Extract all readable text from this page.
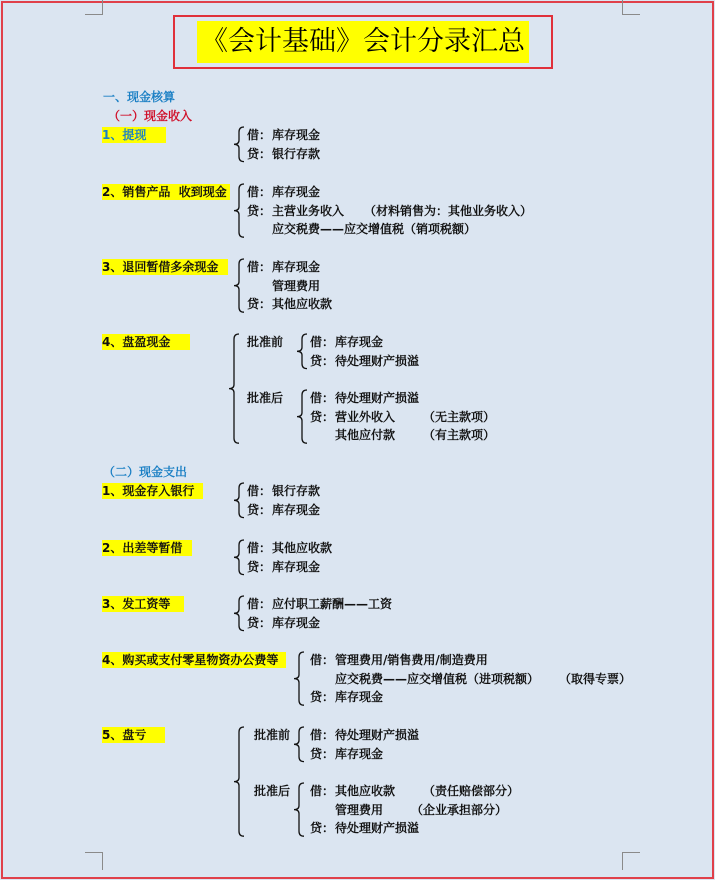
《会计基础》会计分录汇总
一、现金核算
（一）现金收入
1、提现	借： 库存现金
贷： 银行存款
2、销售产品  收到现金 借： 库存现金
贷： 主营业务收入 （材料销售为：其他业务收入）
应交税费——应交增值税（销项税额）
3、退回暂借多余现金	借： 库存现金
管理费用
贷： 其他应收款
4、盘盈现金	批准前 借： 库存现金
贷： 待处理财产损溢
批准后 借： 待处理财产损溢
贷： 营业外收入 （无主款项）
其他应付款 （有主款项）
（二）现金支出
1、现金存入银行	借： 银行存款
贷： 库存现金
2、出差等暂借	借： 其他应收款
贷： 库存现金
3、发工资等	借： 应付职工薪酬——工资
贷： 库存现金
4、购买或支付零星物资办公费等	借： 管理费用/销售费用/制造费用
应交税费——应交增值税（进项税额） （取得专票）
贷： 库存现金
5、盘亏	批准前 借： 待处理财产损溢
贷： 库存现金
批准后 借： 其他应收款 （责任赔偿部分）
管理费用 （企业承担部分）
贷： 待处理财产损溢
